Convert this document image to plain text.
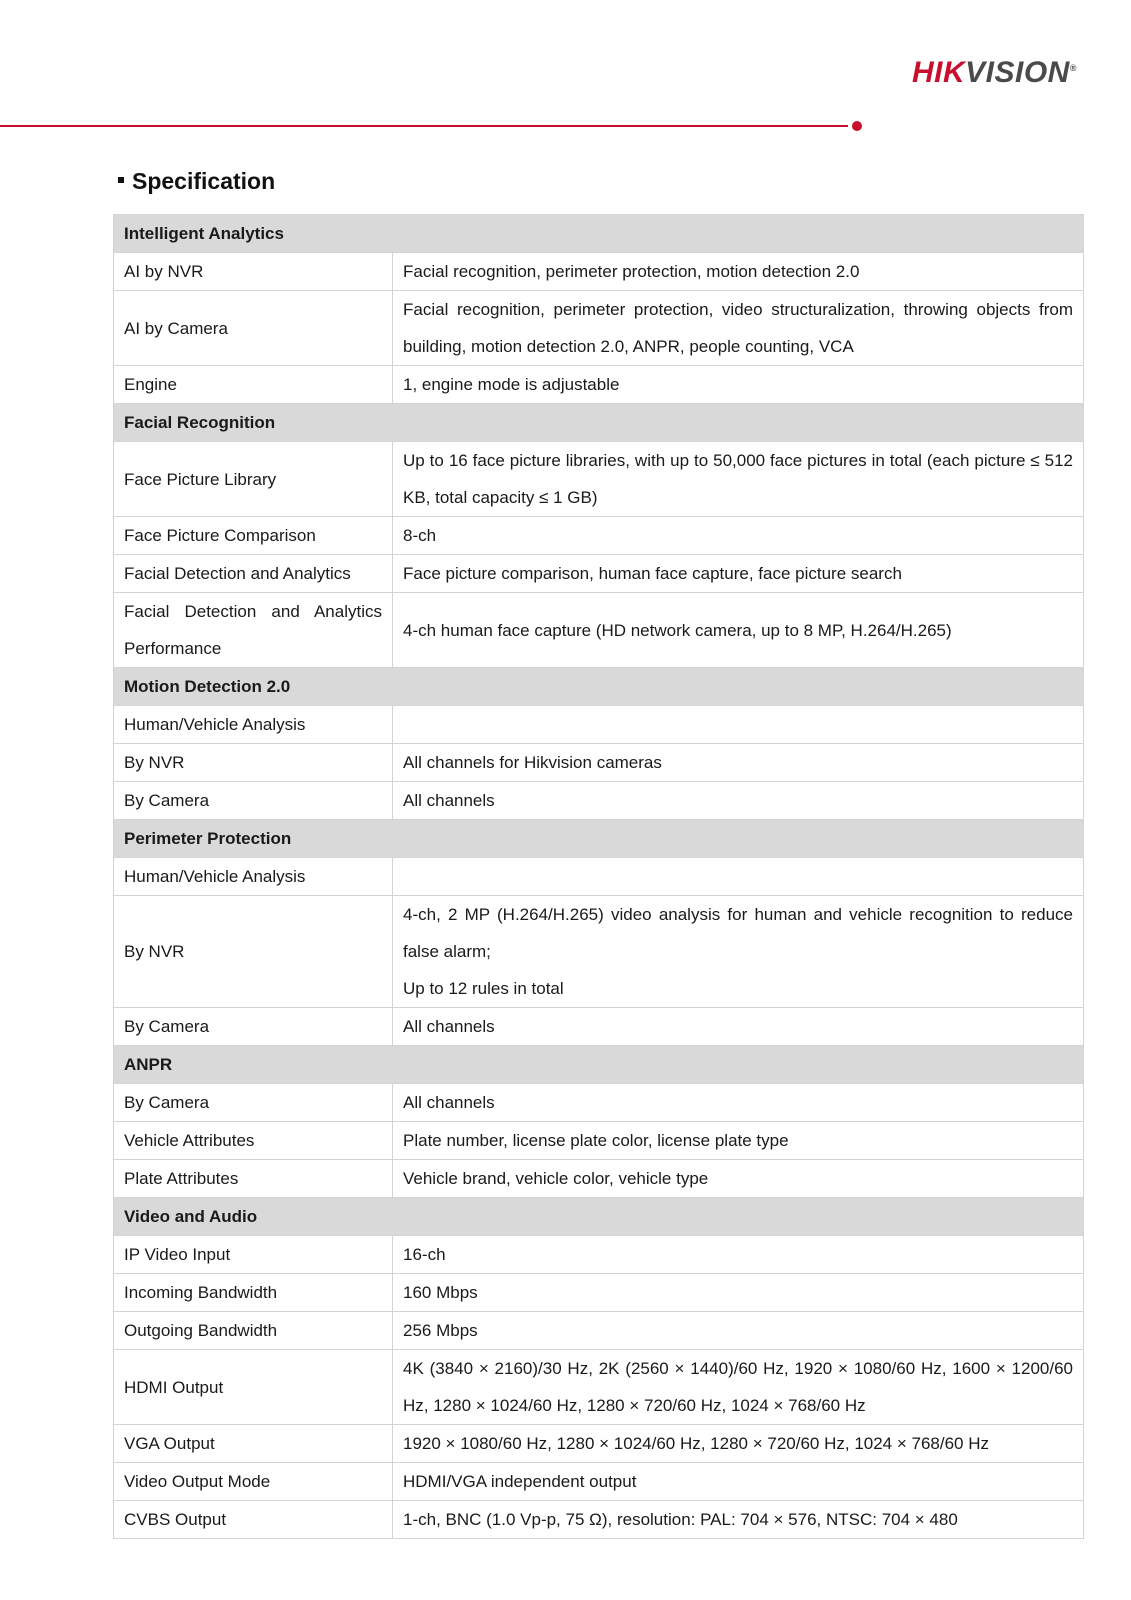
HIKVISION®
Specification
Intelligent Analytics	
AI by NVR	Facial recognition, perimeter protection, motion detection 2.0

AI by Camera	Facial recognition, perimeter protection, video structuralization, throwing objects from building, motion detection 2.0, ANPR, people counting, VCA

Engine	1, engine mode is adjustable

Facial Recognition	
Face Picture Library	Up to 16 face picture libraries, with up to 50,000 face pictures in total (each picture ≤ 512 KB, total capacity ≤ 1 GB)

Face Picture Comparison	8-ch

Facial Detection and Analytics	Face picture comparison, human face capture, face picture search

Facial Detection and Analytics Performance	4-ch human face capture (HD network camera, up to 8 MP, H.264/H.265)

Motion Detection 2.0	
Human/Vehicle Analysis	

By NVR	All channels for Hikvision cameras

By Camera	All channels

Perimeter Protection	
Human/Vehicle Analysis	

By NVR	4-ch, 2 MP (H.264/H.265) video analysis for human and vehicle recognition to reduce false alarm;
Up to 12 rules in total

By Camera	All channels

ANPR	
By Camera	All channels

Vehicle Attributes	Plate number, license plate color, license plate type

Plate Attributes	Vehicle brand, vehicle color, vehicle type

Video and Audio	
IP Video Input	16-ch

Incoming Bandwidth	160 Mbps

Outgoing Bandwidth	256 Mbps

HDMI Output	4K (3840 × 2160)/30 Hz, 2K (2560 × 1440)/60 Hz, 1920 × 1080/60 Hz, 1600 × 1200/60 Hz, 1280 × 1024/60 Hz, 1280 × 720/60 Hz, 1024 × 768/60 Hz

VGA Output	1920 × 1080/60 Hz, 1280 × 1024/60 Hz, 1280 × 720/60 Hz, 1024 × 768/60 Hz

Video Output Mode	HDMI/VGA independent output

CVBS Output	1-ch, BNC (1.0 Vp-p, 75 Ω), resolution: PAL: 704 × 576, NTSC: 704 × 480
